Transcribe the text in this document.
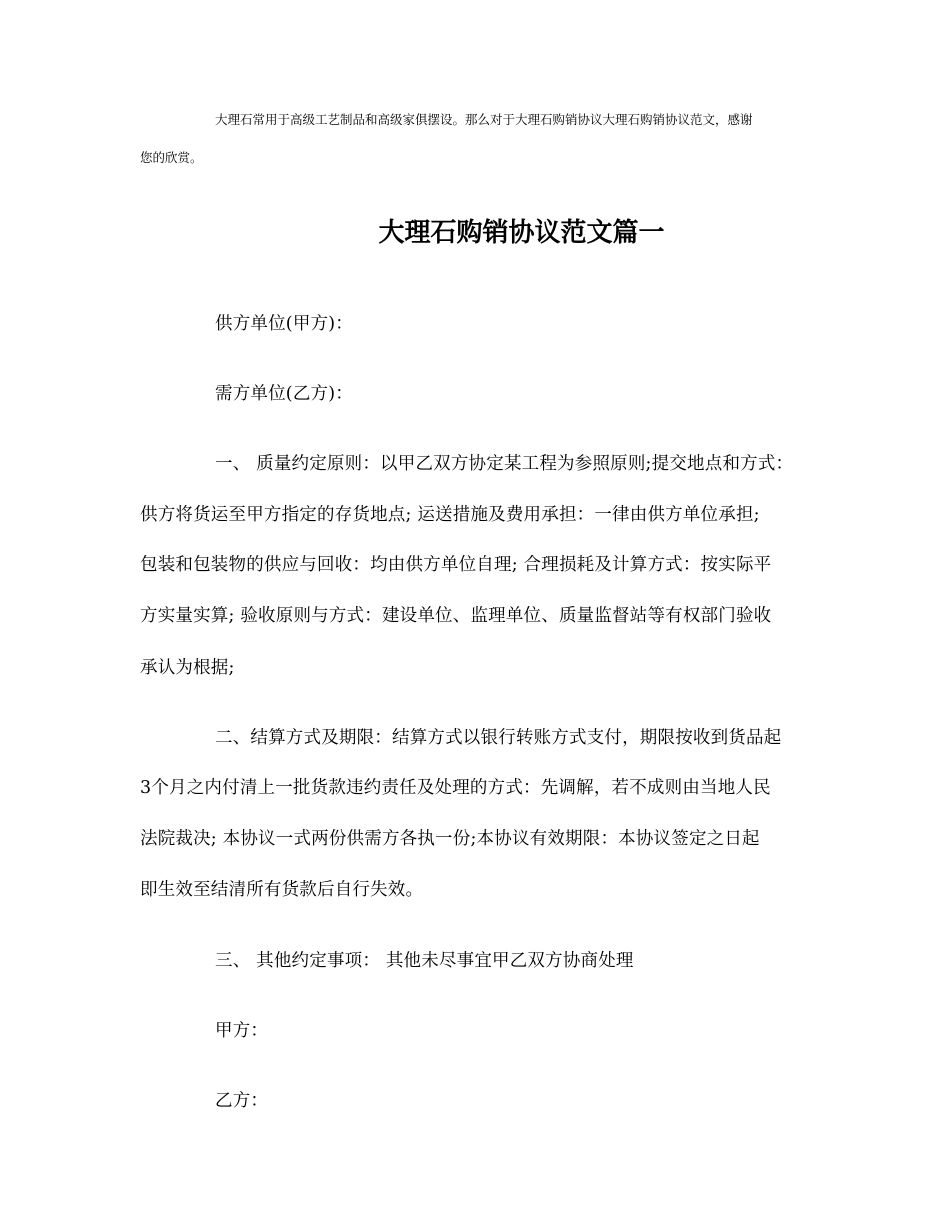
大理石常用于高级工艺制品和高级家俱摆设。那么对于大理石购销协议大理石购销协议范文，感谢
您的欣赏。
大理石购销协议范文篇一
供方单位(甲方)：
需方单位(乙方)：
一、 质量约定原则：以甲乙双方协定某工程为参照原则;提交地点和方式：
供方将货运至甲方指定的存货地点; 运送措施及费用承担：一律由供方单位承担;
包装和包装物的供应与回收：均由供方单位自理; 合理损耗及计算方式：按实际平
方实量实算; 验收原则与方式：建设单位、监理单位、质量监督站等有权部门验收
承认为根据;
二、结算方式及期限：结算方式以银行转账方式支付，期限按收到货品起
3个月之内付清上一批货款违约责任及处理的方式：先调解，若不成则由当地人民
法院裁决; 本协议一式两份供需方各执一份;本协议有效期限：本协议签定之日起
即生效至结清所有货款后自行失效。
三、 其他约定事项： 其他未尽事宜甲乙双方协商处理
甲方：
乙方：
